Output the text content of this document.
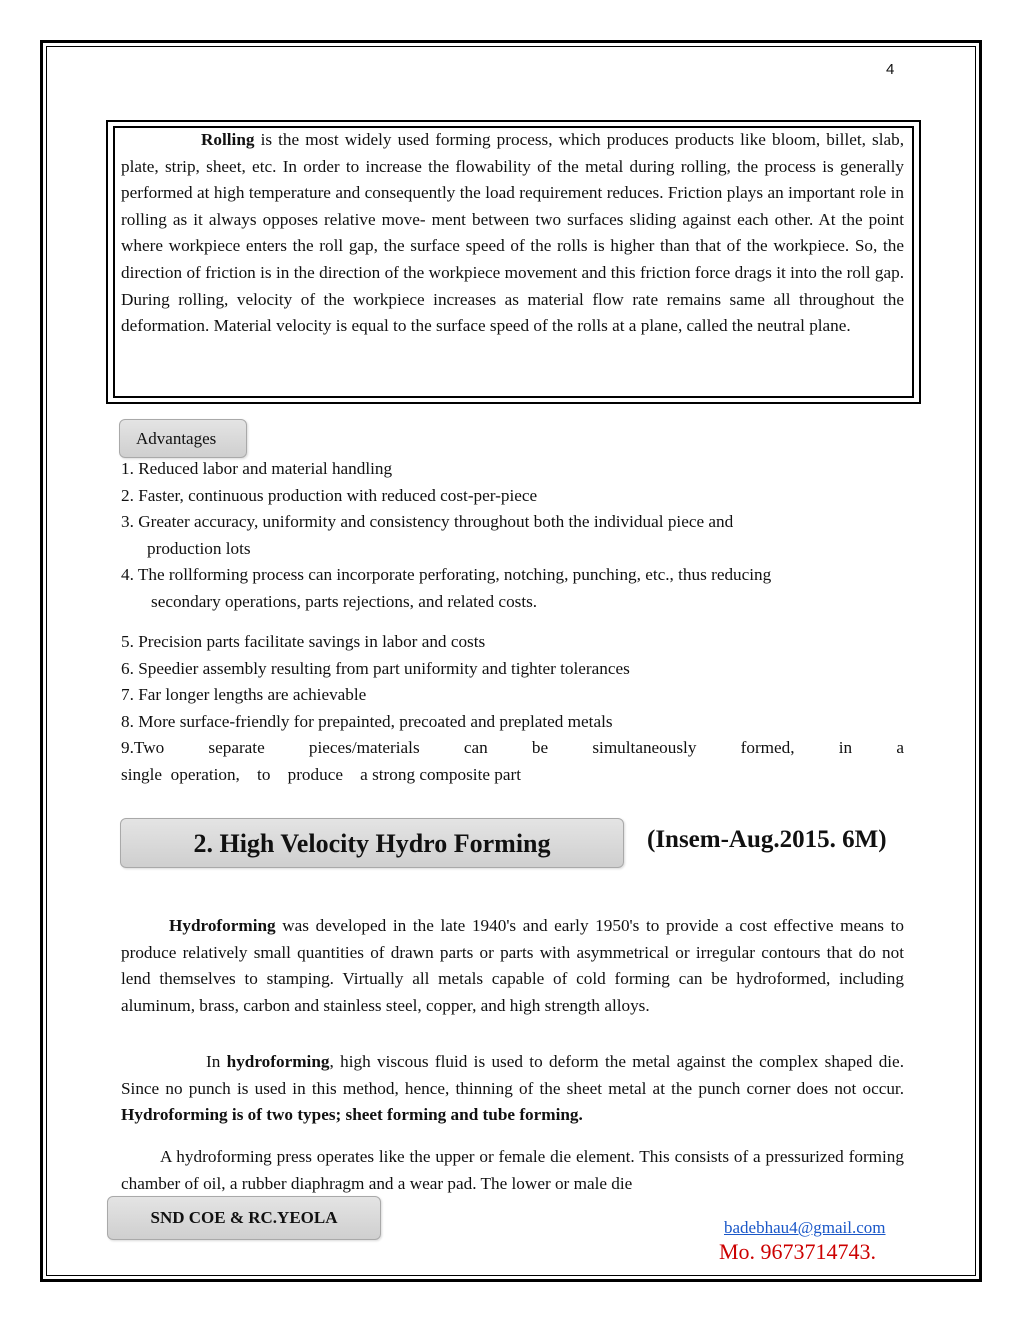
4
Rolling is the most widely used forming process, which produces products like bloom, billet, slab, plate, strip, sheet, etc. In order to increase the flowability of the metal during rolling, the process is generally performed at high temperature and consequently the load requirement reduces. Friction plays an important role in rolling as it always opposes relative move- ment between two surfaces sliding against each other. At the point where workpiece enters the roll gap, the surface speed of the rolls is higher than that of the workpiece. So, the direction of friction is in the direction of the workpiece movement and this friction force drags it into the roll gap. During rolling, velocity of the workpiece increases as material flow rate remains same all throughout the deformation. Material velocity is equal to the surface speed of the rolls at a plane, called the neutral plane.
Advantages
1. Reduced labor and material handling
2. Faster, continuous production with reduced cost-per-piece
3. Greater accuracy, uniformity and consistency throughout both the individual piece and
production lots
4. The rollforming process can incorporate perforating, notching, punching, etc., thus reducing
secondary operations, parts rejections, and related costs.
5. Precision parts facilitate savings in labor and costs
6. Speedier assembly resulting from part uniformity and tighter tolerances
7. Far longer lengths are achievable
8. More surface-friendly for prepainted, precoated and preplated metals
9.Two separate pieces/materials can be simultaneously formed, in a
single  operation,    to    produce    a strong composite part
2. High Velocity Hydro Forming	(Insem-Aug.2015. 6M)
Hydroforming was developed in the late 1940's and early 1950's to provide a cost effective means to produce relatively small quantities of drawn parts or parts with asymmetrical or irregular contours that do not lend themselves to stamping. Virtually all metals capable of cold forming can be hydroformed, including aluminum, brass, carbon and stainless steel, copper, and high strength alloys.
In hydroforming, high viscous fluid is used to deform the metal against the complex shaped die. Since no punch is used in this method, hence, thinning of the sheet metal at the punch corner does not occur. Hydroforming is of two types; sheet forming and tube forming.
A hydroforming press operates like the upper or female die element. This consists of a pressurized forming chamber of oil, a rubber diaphragm and a wear pad. The lower or male die
SND COE & RC.YEOLA
badebhau4@gmail.com
Mo. 9673714743.
